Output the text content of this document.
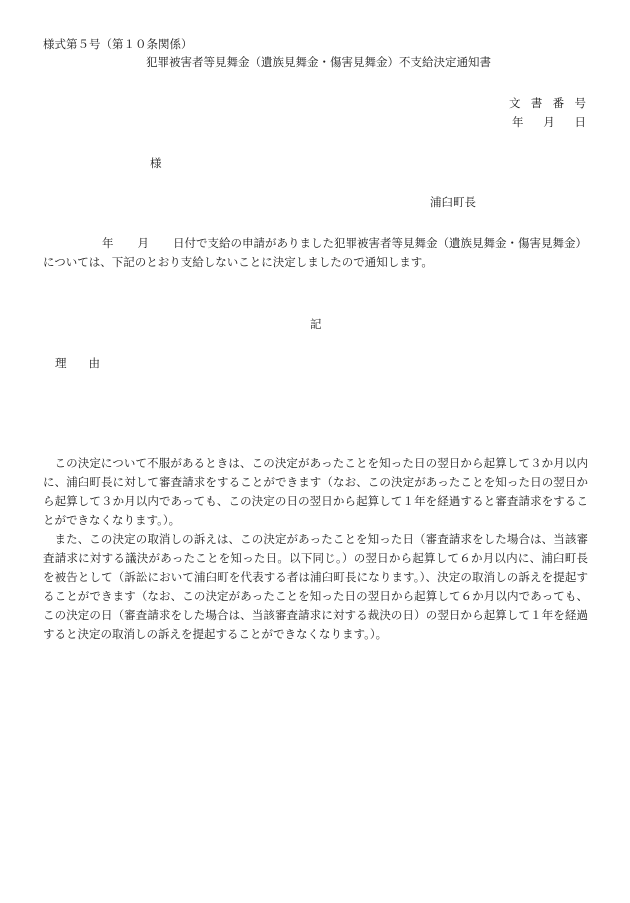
様式第５号（第１０条関係）
犯罪被害者等見舞金（遺族見舞金・傷害見舞金）不支給決定通知書
文書番号
年 月 日
様
浦臼町長
年 月 日付で支給の申請がありました犯罪被害者等見舞金（遺族見舞金・傷害見舞金）
については、下記のとおり支給しないことに決定しましたので通知します。
記
理 由

この決定について不服があるときは、この決定があったことを知った日の翌日から起算して３か月以内に、浦臼町長に対して審査請求をすることができます（なお、この決定があったことを知った日の翌日から起算して３か月以内であっても、この決定の日の翌日から起算して１年を経過すると審査請求をすることができなくなります。）。

また、この決定の取消しの訴えは、この決定があったことを知った日（審査請求をした場合は、当該審査請求に対する議決があったことを知った日。以下同じ。）の翌日から起算して６か月以内に、浦臼町長を被告として（訴訟において浦臼町を代表する者は浦臼町長になります。）、決定の取消しの訴えを提起することができます（なお、この決定があったことを知った日の翌日から起算して６か月以内であっても、この決定の日（審査請求をした場合は、当該審査請求に対する裁決の日）の翌日から起算して１年を経過すると決定の取消しの訴えを提起することができなくなります。）。
